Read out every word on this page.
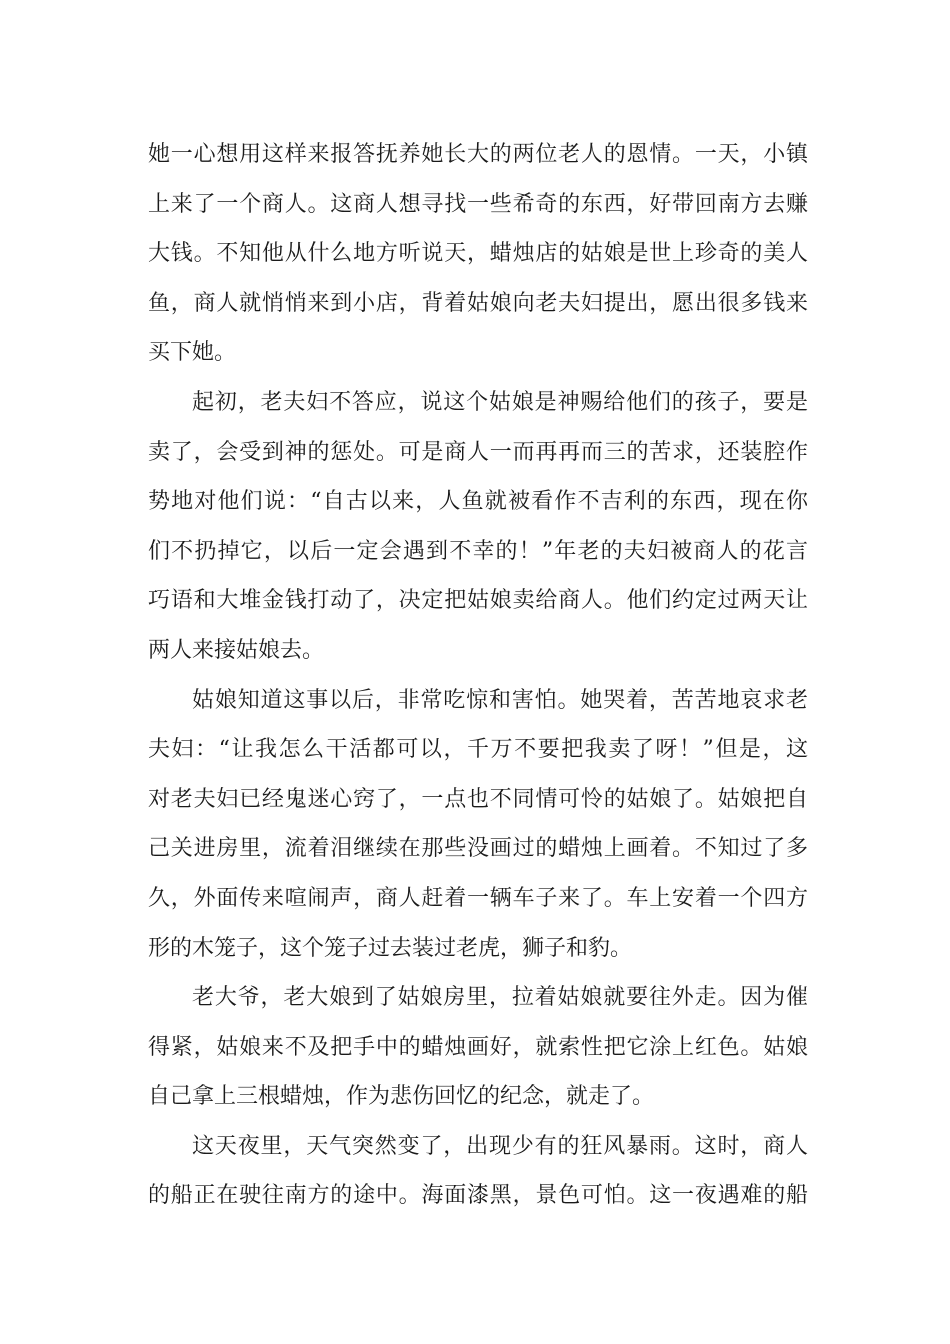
她一心想用这样来报答抚养她长大的两位老人的恩情。一天，小镇
上来了一个商人。这商人想寻找一些希奇的东西，好带回南方去赚
大钱。不知他从什么地方听说天，蜡烛店的姑娘是世上珍奇的美人
鱼，商人就悄悄来到小店，背着姑娘向老夫妇提出，愿出很多钱来
买下她。
起初，老夫妇不答应，说这个姑娘是神赐给他们的孩子，要是
卖了，会受到神的惩处。可是商人一而再再而三的苦求，还装腔作
势地对他们说：“自古以来，人鱼就被看作不吉利的东西，现在你
们不扔掉它，以后一定会遇到不幸的！”年老的夫妇被商人的花言
巧语和大堆金钱打动了，决定把姑娘卖给商人。他们约定过两天让
两人来接姑娘去。
姑娘知道这事以后，非常吃惊和害怕。她哭着，苦苦地哀求老
夫妇：“让我怎么干活都可以，千万不要把我卖了呀！”但是，这
对老夫妇已经鬼迷心窍了，一点也不同情可怜的姑娘了。姑娘把自
己关进房里，流着泪继续在那些没画过的蜡烛上画着。不知过了多
久，外面传来喧闹声，商人赶着一辆车子来了。车上安着一个四方
形的木笼子，这个笼子过去装过老虎，狮子和豹。
老大爷，老大娘到了姑娘房里，拉着姑娘就要往外走。因为催
得紧，姑娘来不及把手中的蜡烛画好，就索性把它涂上红色。姑娘
自己拿上三根蜡烛，作为悲伤回忆的纪念，就走了。
这天夜里，天气突然变了，出现少有的狂风暴雨。这时，商人
的船正在驶往南方的途中。海面漆黑，景色可怕。这一夜遇难的船
